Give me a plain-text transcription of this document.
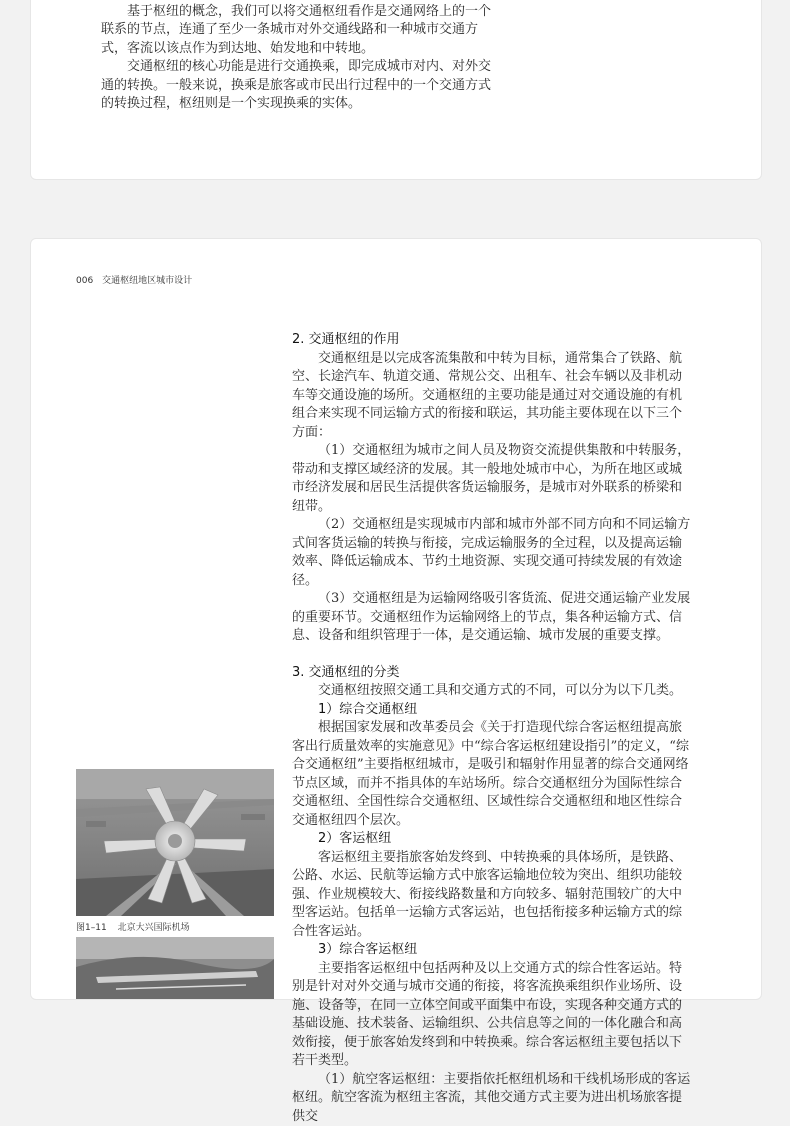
基于枢纽的概念，我们可以将交通枢纽看作是交通网络上的一个联系的节点，连通了至少一条城市对外交通线路和一种城市交通方式，客流以该点作为到达地、始发地和中转地。

交通枢纽的核心功能是进行交通换乘，即完成城市对内、对外交通的转换。一般来说，换乘是旅客或市民出行过程中的一个交通方式的转换过程，枢纽则是一个实现换乘的实体。

006 交通枢纽地区城市设计
2. 交通枢纽的作用

交通枢纽是以完成客流集散和中转为目标，通常集合了铁路、航空、长途汽车、轨道交通、常规公交、出租车、社会车辆以及非机动车等交通设施的场所。交通枢纽的主要功能是通过对交通设施的有机组合来实现不同运输方式的衔接和联运，其功能主要体现在以下三个方面：

（1）交通枢纽为城市之间人员及物资交流提供集散和中转服务，带动和支撑区域经济的发展。其一般地处城市中心，为所在地区或城市经济发展和居民生活提供客货运输服务，是城市对外联系的桥梁和纽带。

（2）交通枢纽是实现城市内部和城市外部不同方向和不同运输方式间客货运输的转换与衔接，完成运输服务的全过程，以及提高运输效率、降低运输成本、节约土地资源、实现交通可持续发展的有效途径。

（3）交通枢纽是为运输网络吸引客货流、促进交通运输产业发展的重要环节。交通枢纽作为运输网络上的节点，集各种运输方式、信息、设备和组织管理于一体，是交通运输、城市发展的重要支撑。

3. 交通枢纽的分类

交通枢纽按照交通工具和交通方式的不同，可以分为以下几类。

1）综合交通枢纽

根据国家发展和改革委员会《关于打造现代综合客运枢纽提高旅客出行质量效率的实施意见》中“综合客运枢纽建设指引”的定义，“综合交通枢纽”主要指枢纽城市，是吸引和辐射作用显著的综合交通网络节点区域，而并不指具体的车站场所。综合交通枢纽分为国际性综合交通枢纽、全国性综合交通枢纽、区域性综合交通枢纽和地区性综合交通枢纽四个层次。

2）客运枢纽

客运枢纽主要指旅客始发终到、中转换乘的具体场所，是铁路、公路、水运、民航等运输方式中旅客运输地位较为突出、组织功能较强、作业规模较大、衔接线路数量和方向较多、辐射范围较广的大中型客运站。包括单一运输方式客运站，也包括衔接多种运输方式的综合性客运站。

3）综合客运枢纽

主要指客运枢纽中包括两种及以上交通方式的综合性客运站。特别是针对对外交通与城市交通的衔接，将客流换乘组织作业场所、设施、设备等，在同一立体空间或平面集中布设，实现各种交通方式的基础设施、技术装备、运输组织、公共信息等之间的一体化融合和高效衔接，便于旅客始发终到和中转换乘。综合客运枢纽主要包括以下若干类型。

（1）航空客运枢纽：主要指依托枢纽机场和干线机场形成的客运枢纽。航空客流为枢纽主客流，其他交通方式主要为进出机场旅客提供交

图1–11 北京大兴国际机场
